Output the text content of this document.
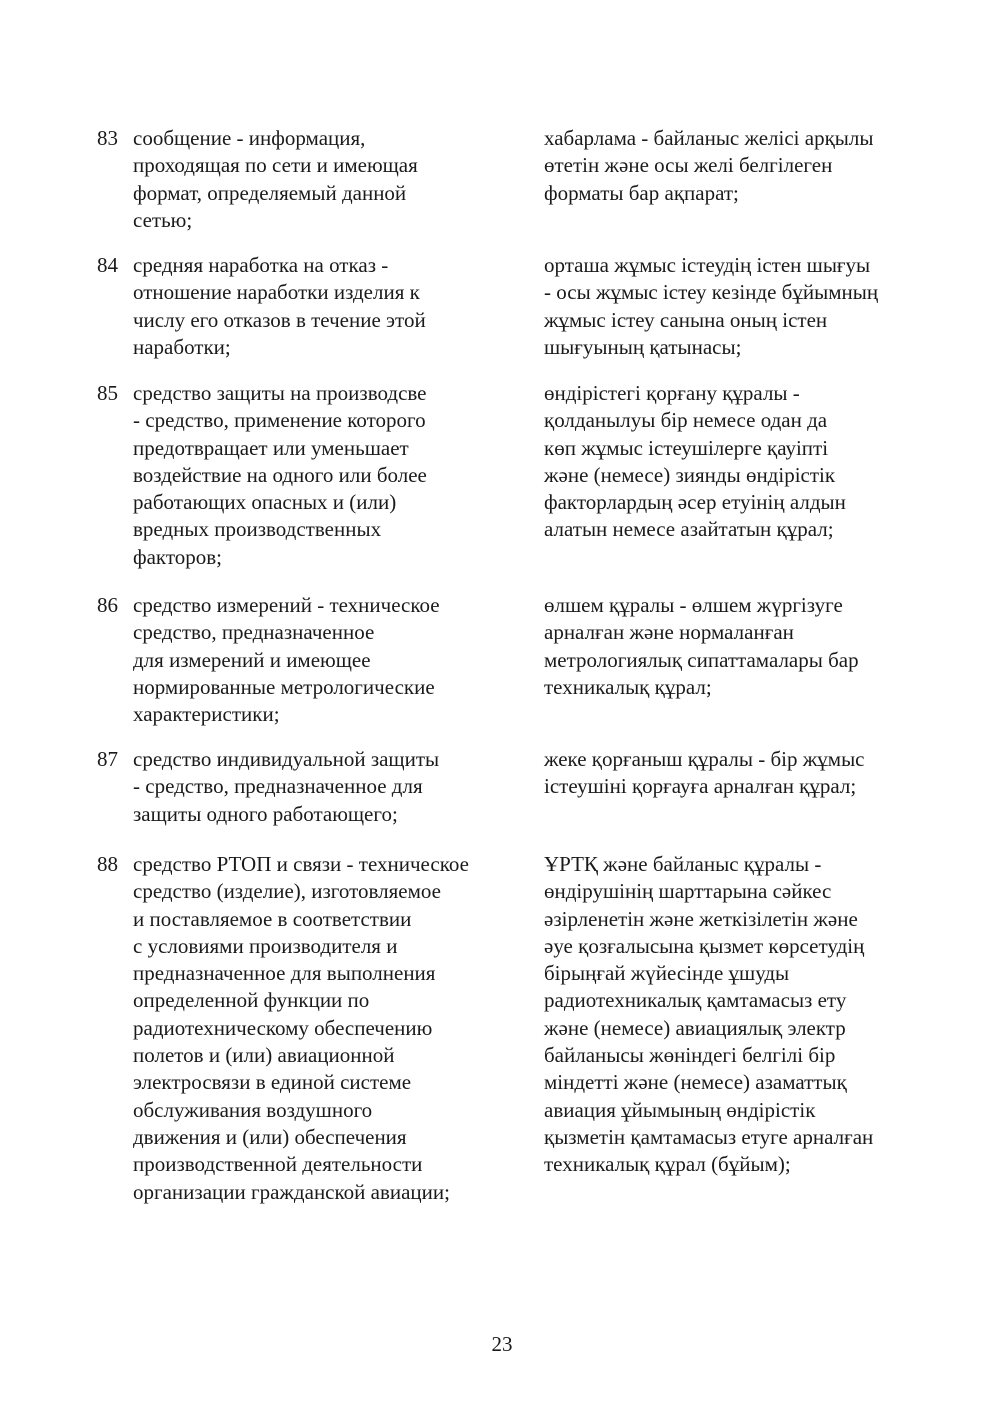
83 сообщение - информация,
проходящая по сети и имеющая
формат, определяемый данной
сетью;
хабарлама - байланыс желісі арқылы
өтетін және осы желі белгілеген
форматы бар ақпарат;
84 средняя наработка на отказ -
отношение наработки изделия к
числу его отказов в течение этой
наработки;
орташа жұмыс істеудің істен шығуы
- осы жұмыс істеу кезінде бұйымның
жұмыс істеу санына оның істен
шығуының қатынасы;
85 средство защиты на производсве
- средство, применение которого
предотвращает или уменьшает
воздействие на одного или более
работающих опасных и (или)
вредных производственных
факторов;
өндірістегі қорғану құралы -
қолданылуы бір немесе одан да
көп жұмыс істеушілерге қауіпті
және (немесе) зиянды өндірістік
факторлардың әсер етуінің алдын
алатын немесе азайтатын құрал;
86 средство измерений - техническое
средство, предназначенное
для измерений и имеющее
нормированные метрологические
характеристики;
өлшем құралы - өлшем жүргізуге
арналған және нормаланған
метрологиялық сипаттамалары бар
техникалық құрал;
87 средство индивидуальной защиты
- средство, предназначенное для
защиты одного работающего;
жеке қорғаныш құралы - бір жұмыс
істеушіні қорғауға арналған құрал;
88 средство РТОП и связи - техническое
средство (изделие), изготовляемое
и поставляемое в соответствии
с условиями производителя и
предназначенное для выполнения
определенной функции по
радиотехническому обеспечению
полетов и (или) авиационной
электросвязи в единой системе
обслуживания воздушного
движения и (или) обеспечения
производственной деятельности
организации гражданской авиации;
ҰРТҚ және байланыс құралы -
өндірушінің шарттарына сәйкес
әзірленетін және жеткізілетін және
әуе қозғалысына қызмет көрсетудің
бірыңғай жүйесінде ұшуды
радиотехникалық қамтамасыз ету
және (немесе) авиациялық электр
байланысы жөніндегі белгілі бір
міндетті және (немесе) азаматтық
авиация ұйымының өндірістік
қызметін қамтамасыз етуге арналған
техникалық құрал (бұйым);
23
